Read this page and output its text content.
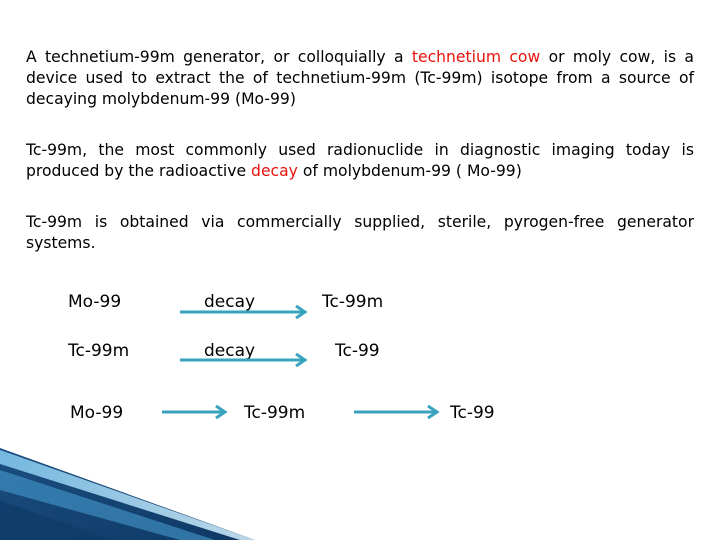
A technetium-99m generator, or colloquially a technetium cow or moly cow, is a device used to extract the of technetium-99m (Tc-99m) isotope from a source of decaying molybdenum-99 (Mo-99)

Tc-99m, the most commonly used radionuclide in diagnostic imaging today is produced by the radioactive decay of molybdenum-99 ( Mo-99)

Tc-99m is obtained via commercially supplied, sterile, pyrogen-free generator systems.

Mo-99	decay	Tc-99m
Tc-99m	decay	Tc-99
Mo-99	Tc-99m	Tc-99
